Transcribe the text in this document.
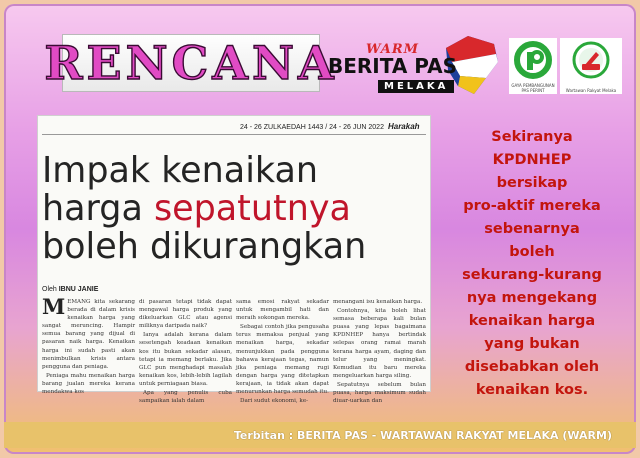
RENCANA WARM
BERITA PAS
MELAKA	GAYA PEMBANGUNAN PAS PERINT	Wartawan Rakyat Melaka
24 - 26 ZULKAEDAH 1443 / 24 - 26 JUN 2022 Harakah
Impak kenaikan
harga sepatutnya
boleh dikurangkan
Oleh IBNU JANIE

MEMANG kita sekarang berada di dalam krisis kenaikan harga yang sangat meruncing. Hampir semua barang yang dijual di pasaran naik harga. Kenaikan harga ini sudah pasti akan menimbulkan krisis antara pengguna dan peniaga.

Peniaga mahu menaikan harga barang jualan mereka kerana mendakwa kos

di pasaran tetapi tidak dapat mengawal harga produk yang dikeluarkan GLC atau agensi miliknya daripada naik?

Ianya adalah kerana dalam sesetengah keadaan kenaikan kos itu bukan sekadar alasan, tetapi ia memang berlaku. Jika GLC pun menghadapi masalah kenaikan kos, lebih-lebih lagilah untuk perniagaan biasa.

Apa yang penulis cuba sampaikan ialah dalam

sama emosi rakyat sekadar untuk mengambil hati dan meraih sokongan mereka.

Sebagai contoh jika pengusaha terus memaksa penjual yang menaikan harga, sekadar menunjukkan pada pengguna bahawa kerajaan tegas, namun jika peniaga memang rugi dengan harga yang ditetapkan kerajaan, ia tidak akan dapat menurunkan harga semudah itu.

Dari sudut ekonomi, ke-

menangani isu kenaikan harga.

Contohnya, kita boleh lihat semasa beberapa kali bulan puasa yang lepas bagaimana KPDNHEP hanya bertindak selepas orang ramai marah kerana harga ayam, daging dan telur yang meningkat. Kemudian itu baru mereka mengeluarkan harga siling.

Sepatutnya sebelum bulan puasa, harga maksimum sudah diuar-uarkan dan

Sekiranya
KPDNHEP
bersikap
pro-aktif mereka
sebenarnya
boleh
sekurang-kurang
nya mengekang
kenaikan harga
yang bukan
disebabkan oleh
kenaikan kos.
Terbitan : BERITA PAS - WARTAWAN RAKYAT MELAKA (WARM)
